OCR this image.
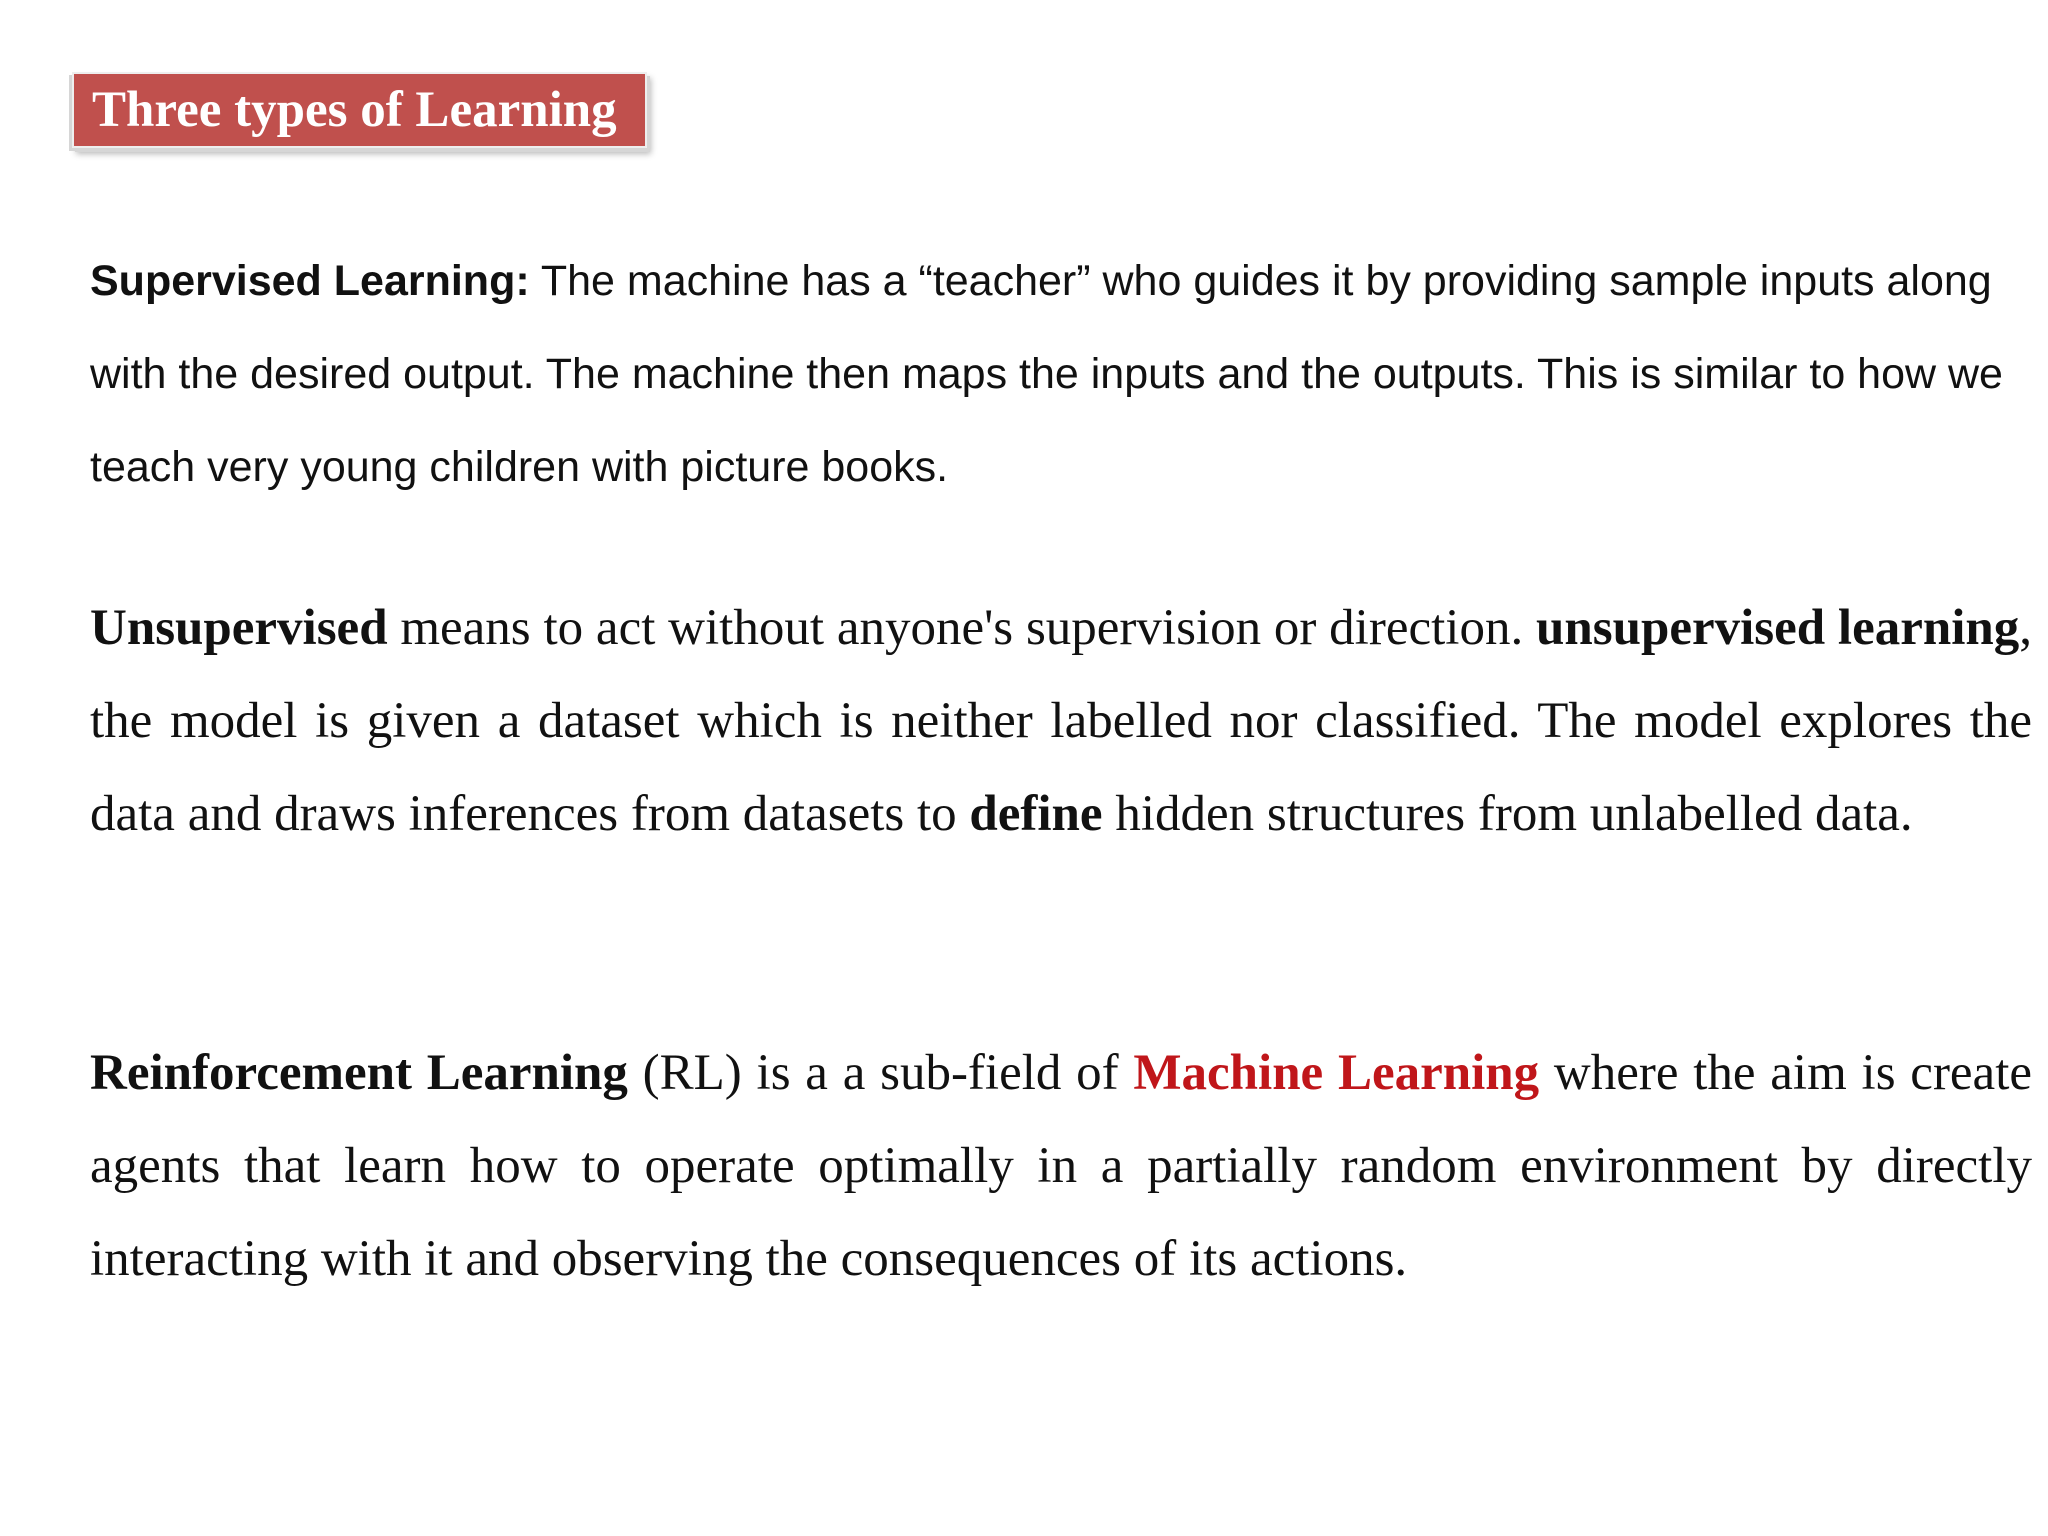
Three types of Learning

Supervised Learning: The machine has a “teacher” who guides it by providing sample inputs along with the desired output. The machine then maps the inputs and the outputs. This is similar to how we teach very young children with picture books.

Unsupervised means to act without anyone's supervision or direction. unsupervised learning, the model is given a dataset which is neither labelled nor classified. The model explores the data and draws inferences from datasets to define hidden structures from unlabelled data.

Reinforcement Learning (RL) is a a sub-field of Machine Learning where the aim is create agents that learn how to operate optimally in a partially random environment by directly interacting with it and observing the consequences of its actions.
